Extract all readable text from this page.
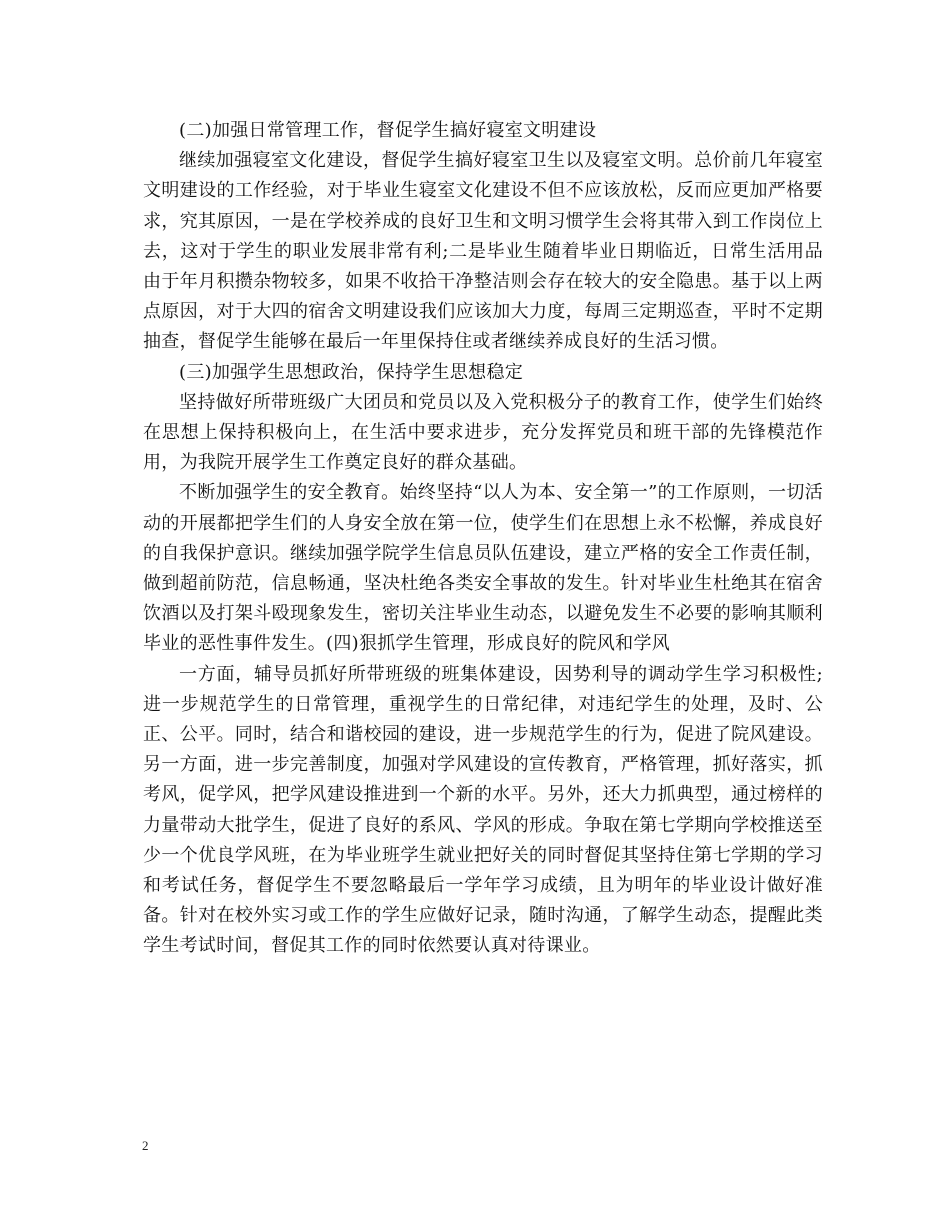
(二)加强日常管理工作，督促学生搞好寝室文明建设

继续加强寝室文化建设，督促学生搞好寝室卫生以及寝室文明。总价前几年寝室文明建设的工作经验，对于毕业生寝室文化建设不但不应该放松，反而应更加严格要求，究其原因，一是在学校养成的良好卫生和文明习惯学生会将其带入到工作岗位上去，这对于学生的职业发展非常有利;二是毕业生随着毕业日期临近，日常生活用品由于年月积攒杂物较多，如果不收拾干净整洁则会存在较大的安全隐患。基于以上两点原因，对于大四的宿舍文明建设我们应该加大力度，每周三定期巡查，平时不定期抽查，督促学生能够在最后一年里保持住或者继续养成良好的生活习惯。

(三)加强学生思想政治，保持学生思想稳定

坚持做好所带班级广大团员和党员以及入党积极分子的教育工作，使学生们始终在思想上保持积极向上，在生活中要求进步，充分发挥党员和班干部的先锋模范作用，为我院开展学生工作奠定良好的群众基础。

不断加强学生的安全教育。始终坚持“以人为本、安全第一”的工作原则，一切活动的开展都把学生们的人身安全放在第一位，使学生们在思想上永不松懈，养成良好的自我保护意识。继续加强学院学生信息员队伍建设，建立严格的安全工作责任制，做到超前防范，信息畅通，坚决杜绝各类安全事故的发生。针对毕业生杜绝其在宿舍饮酒以及打架斗殴现象发生，密切关注毕业生动态，以避免发生不必要的影响其顺利毕业的恶性事件发生。(四)狠抓学生管理，形成良好的院风和学风

一方面，辅导员抓好所带班级的班集体建设，因势利导的调动学生学习积极性;进一步规范学生的日常管理，重视学生的日常纪律，对违纪学生的处理，及时、公正、公平。同时，结合和谐校园的建设，进一步规范学生的行为，促进了院风建设。另一方面，进一步完善制度，加强对学风建设的宣传教育，严格管理，抓好落实，抓考风，促学风，把学风建设推进到一个新的水平。另外，还大力抓典型，通过榜样的力量带动大批学生，促进了良好的系风、学风的形成。争取在第七学期向学校推送至少一个优良学风班，在为毕业班学生就业把好关的同时督促其坚持住第七学期的学习和考试任务，督促学生不要忽略最后一学年学习成绩，且为明年的毕业设计做好准备。针对在校外实习或工作的学生应做好记录，随时沟通，了解学生动态，提醒此类学生考试时间，督促其工作的同时依然要认真对待课业。

2
